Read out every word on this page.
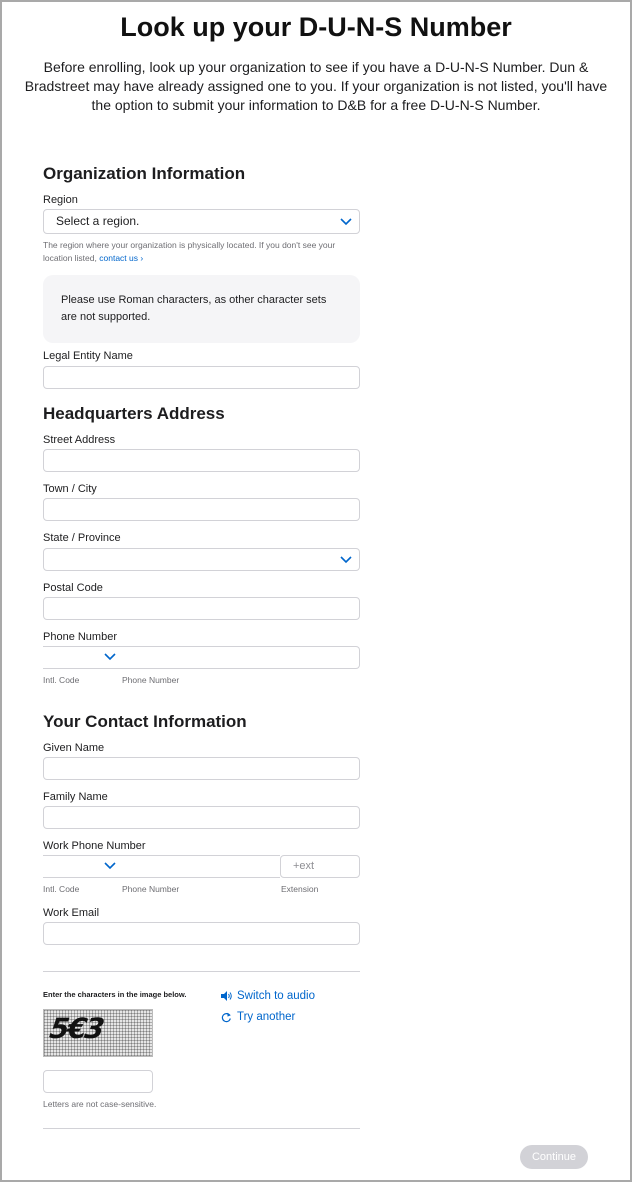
Look up your D-U-N-S Number

Before enrolling, look up your organization to see if you have a D-U-N-S Number. Dun & Bradstreet may have already assigned one to you. If your organization is not listed, you'll have the option to submit your information to D&B for a free D-U-N-S Number.

Organization Information
Region
Select a region.
The region where your organization is physically located. If you don't see your location listed, contact us ›
Please use Roman characters, as other character sets are not supported.
Legal Entity Name
Headquarters Address
Street Address
Town / City
State / Province
Postal Code
Phone Number
Intl. Code	Phone Number
Your Contact Information
Given Name
Family Name
Work Phone Number
+ext
Intl. Code	Phone Number	Extension
Work Email
Enter the characters in the image below.	Switch to audio
Try another
5€3
Letters are not case-sensitive.
Continue
